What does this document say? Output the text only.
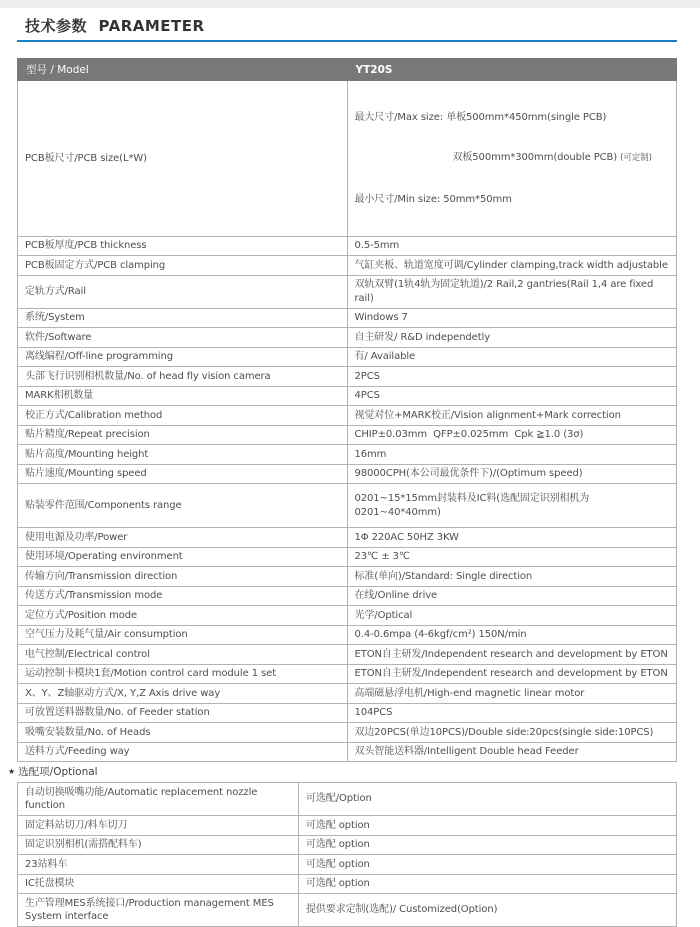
技术参数 PARAMETER
型号 / Model	YT20S
PCB板尺寸/PCB size(L*W)	最大尺寸/Max size: 单板500mm*450mm(single PCB)

双板500mm*300mm(double PCB) (可定制)

最小尺寸/Min size: 50mm*50mm

PCB板厚度/PCB thickness	0.5-5mm
PCB板固定方式/PCB clamping	气缸夹板、轨道宽度可调/Cylinder clamping,track width adjustable
定轨方式/Rail	双轨双臂(1轨4轨为固定轨道)/2 Rail,2 gantries(Rail 1,4 are fixed rail)
系统/System	Windows 7
软件/Software	自主研发/ R&D independetly
离线编程/Off-line programming	有/ Available
头部飞行识别相机数量/No. of head fly vision camera	2PCS
MARK相机数量	4PCS
校正方式/Calibration method	视觉对位+MARK校正/Vision alignment+Mark correction
贴片精度/Repeat precision	CHIP±0.03mm  QFP±0.025mm  Cpk ≧1.0 (3σ)
贴片高度/Mounting height	16mm
贴片速度/Mounting speed	98000CPH(本公司最优条件下)/(Optimum speed)
贴装零件范围/Components range	0201~15*15mm封装料及IC料(选配固定识别相机为0201~40*40mm)
使用电源及功率/Power	1Φ 220AC 50HZ 3KW
使用环境/Operating environment	23℃ ± 3℃
传输方向/Transmission direction	标准(单向)/Standard: Single direction
传送方式/Transmission mode	在线/Online drive
定位方式/Position mode	光学/Optical
空气压力及耗气量/Air consumption	0.4-0.6mpa (4-6kgf/cm²) 150N/min
电气控制/Electrical control	ETON自主研发/Independent research and development by ETON
运动控制卡模块1套/Motion control card module 1 set	ETON自主研发/Independent research and development by ETON
X、Y、Z轴驱动方式/X, Y,Z Axis drive way	高端磁悬浮电机/High-end magnetic linear motor
可放置送料器数量/No. of Feeder station	104PCS
吸嘴安装数量/No. of Heads	双边20PCS(单边10PCS)/Double side:20pcs(single side:10PCS)
送料方式/Feeding way	双头智能送料器/Intelligent Double head Feeder
★ 选配项/Optional
自动切换吸嘴功能/Automatic replacement nozzle function	可选配/Option
固定料站切刀/料车切刀	可选配 option
固定识别相机(需搭配料车)	可选配 option
23站料车	可选配 option
IC托盘模块	可选配 option
生产管理MES系统接口/Production management MES System interface	提供要求定制(选配)/ Customized(Option)
